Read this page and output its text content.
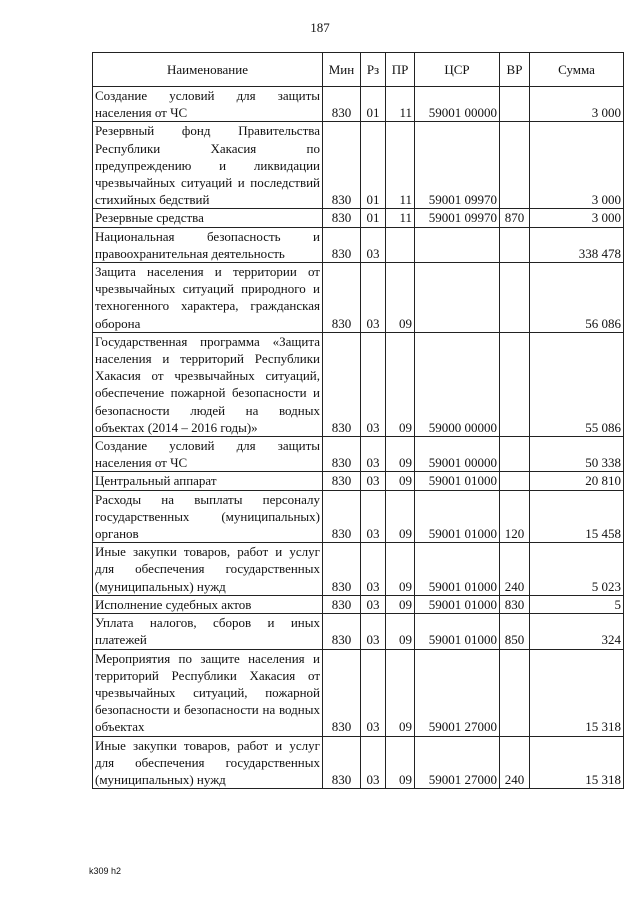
187
Наименование	Мин	Рз	ПР	ЦСР	ВР	Сумма
Создание условий для защиты населения от ЧС	830	01	11	59001 00000		3 000
Резервный фонд Правительства Республики Хакасия по предупреждению и ликвидации чрезвычайных ситуаций и последствий стихийных бедствий	830	01	11	59001 09970		3 000
Резервные средства	830	01	11	59001 09970	870	3 000
Национальная безопасность и правоохранительная деятельность	830	03				338 478
Защита населения и территории от чрезвычайных ситуаций природного и техногенного характера, гражданская оборона	830	03	09			56 086
Государственная программа «Защита населения и территорий Республики Хакасия от чрезвычайных ситуаций, обеспечение пожарной безопасности и безопасности людей на водных объектах (2014 – 2016 годы)»	830	03	09	59000 00000		55 086
Создание условий для защиты населения от ЧС	830	03	09	59001 00000		50 338
Центральный аппарат	830	03	09	59001 01000		20 810
Расходы на выплаты персоналу государственных (муниципальных) органов	830	03	09	59001 01000	120	15 458
Иные закупки товаров, работ и услуг для обеспечения государственных (муниципальных) нужд	830	03	09	59001 01000	240	5 023
Исполнение судебных актов	830	03	09	59001 01000	830	5
Уплата налогов, сборов и иных платежей	830	03	09	59001 01000	850	324
Мероприятия по защите населения и территорий Республики Хакасия от чрезвычайных ситуаций, пожарной безопасности и безопасности на водных объектах	830	03	09	59001 27000		15 318
Иные закупки товаров, работ и услуг для обеспечения государственных (муниципальных) нужд	830	03	09	59001 27000	240	15 318
k309 h2
